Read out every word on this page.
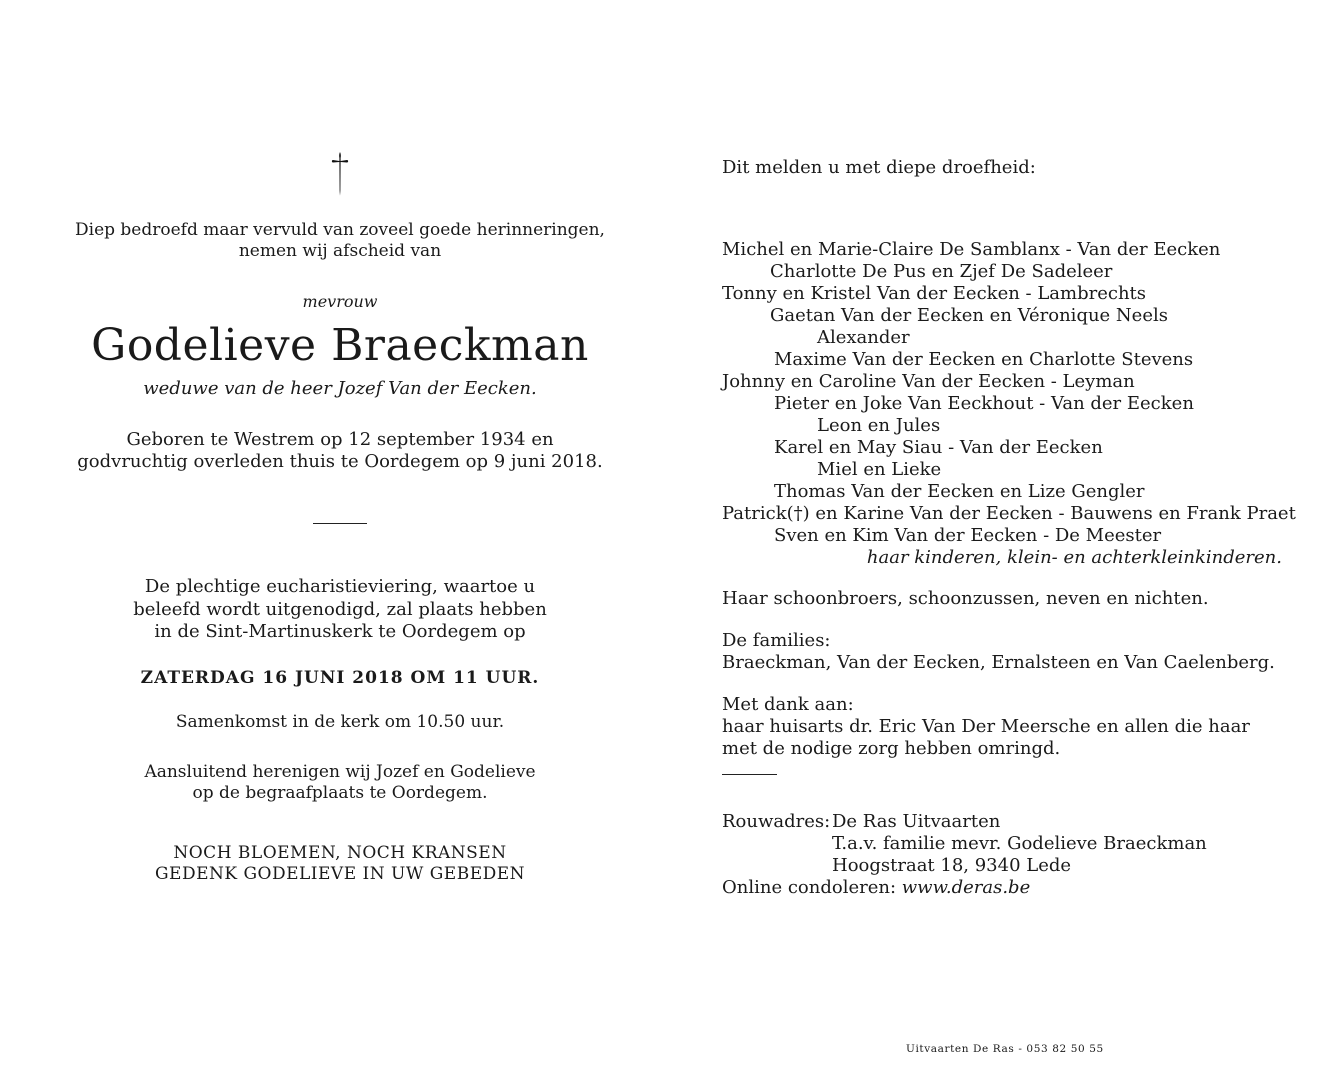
Diep bedroefd maar vervuld van zoveel goede herinneringen,
nemen wij afscheid van
mevrouw
Godelieve Braeckman
weduwe van de heer Jozef Van der Eecken.
Geboren te Westrem op 12 september 1934 en
godvruchtig overleden thuis te Oordegem op 9 juni 2018.
De plechtige eucharistieviering, waartoe u
beleefd wordt uitgenodigd, zal plaats hebben
in de Sint-Martinuskerk te Oordegem op
ZATERDAG 16 JUNI 2018 OM 11 UUR.
Samenkomst in de kerk om 10.50 uur.
Aansluitend herenigen wij Jozef en Godelieve
op de begraafplaats te Oordegem.
NOCH BLOEMEN, NOCH KRANSEN
GEDENK GODELIEVE IN UW GEBEDEN
Dit melden u met diepe droefheid:
Michel en Marie-Claire De Samblanx - Van der Eecken
Charlotte De Pus en Zjef De Sadeleer
Tonny en Kristel Van der Eecken - Lambrechts
Gaetan Van der Eecken en Véronique Neels
Alexander
Maxime Van der Eecken en Charlotte Stevens
Johnny en Caroline Van der Eecken - Leyman
Pieter en Joke Van Eeckhout - Van der Eecken
Leon en Jules
Karel en May Siau - Van der Eecken
Miel en Lieke
Thomas Van der Eecken en Lize Gengler
Patrick(†) en Karine Van der Eecken - Bauwens en Frank Praet
Sven en Kim Van der Eecken - De Meester
haar kinderen, klein- en achterkleinkinderen.
Haar schoonbroers, schoonzussen, neven en nichten.
De families:
Braeckman, Van der Eecken, Ernalsteen en Van Caelenberg.
Met dank aan:
haar huisarts dr. Eric Van Der Meersche en allen die haar
met de nodige zorg hebben omringd.
Rouwadres: De Ras Uitvaarten
T.a.v. familie mevr. Godelieve Braeckman
Hoogstraat 18, 9340 Lede
Online condoleren: www.deras.be
Uitvaarten De Ras - 053 82 50 55
